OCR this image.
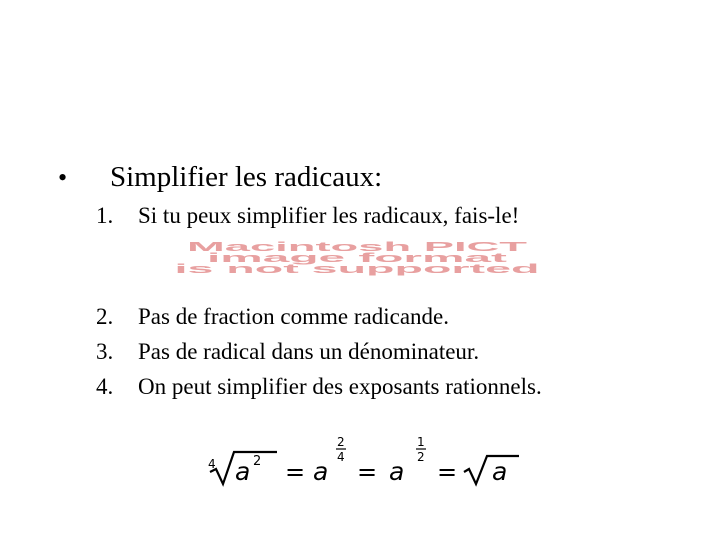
• Simplifier les radicaux:
1. Si tu peux simplifier les radicaux, fais-le!
Macintosh PICT
image format
is not supported
2. Pas de fraction comme radicande.
3. Pas de radical dans un dénominateur.
4. On peut simplifier des exposants rationnels.
4 a 2 = a
2
4
= a
1
2
= a
